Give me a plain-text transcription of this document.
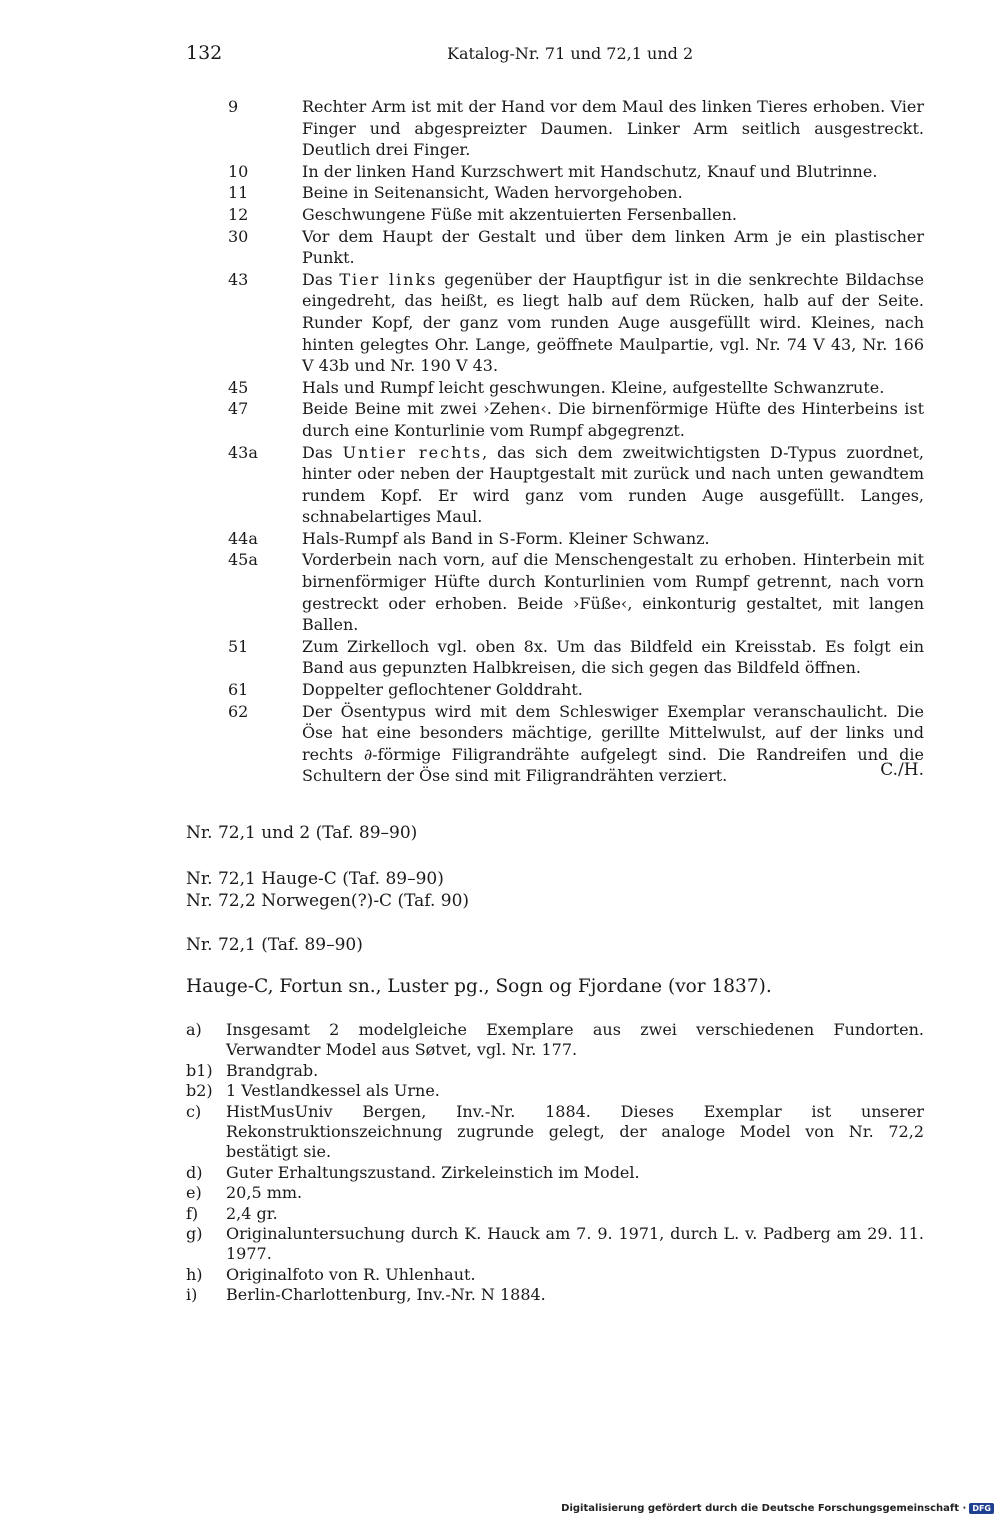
132	Katalog-Nr. 71 und 72,1 und 2
9	Rechter Arm ist mit der Hand vor dem Maul des linken Tieres erhoben. Vier Finger und abgespreizter Daumen. Linker Arm seitlich ausgestreckt. Deutlich drei Finger.
10	In der linken Hand Kurzschwert mit Handschutz, Knauf und Blutrinne.
11	Beine in Seitenansicht, Waden hervorgehoben.
12	Geschwungene Füße mit akzentuierten Fersenballen.
30	Vor dem Haupt der Gestalt und über dem linken Arm je ein plastischer Punkt.
43	Das Tier links gegenüber der Hauptfigur ist in die senkrechte Bildachse eingedreht, das heißt, es liegt halb auf dem Rücken, halb auf der Seite. Runder Kopf, der ganz vom runden Auge ausgefüllt wird. Kleines, nach hinten gelegtes Ohr. Lange, geöffnete Maulpartie, vgl. Nr. 74 V 43, Nr. 166 V 43b und Nr. 190 V 43.
45	Hals und Rumpf leicht geschwungen. Kleine, aufgestellte Schwanzrute.
47	Beide Beine mit zwei ›Zehen‹. Die birnenförmige Hüfte des Hinterbeins ist durch eine Konturlinie vom Rumpf abgegrenzt.
43a	Das Untier rechts, das sich dem zweitwichtigsten D-Typus zuordnet, hinter oder neben der Hauptgestalt mit zurück und nach unten gewandtem rundem Kopf. Er wird ganz vom runden Auge ausgefüllt. Langes, schnabelartiges Maul.
44a	Hals-Rumpf als Band in S-Form. Kleiner Schwanz.
45a	Vorderbein nach vorn, auf die Menschengestalt zu erhoben. Hinterbein mit birnenförmiger Hüfte durch Konturlinien vom Rumpf getrennt, nach vorn gestreckt oder erhoben. Beide ›Füße‹, einkonturig gestaltet, mit langen Ballen.
51	Zum Zirkelloch vgl. oben 8x. Um das Bildfeld ein Kreisstab. Es folgt ein Band aus gepunzten Halbkreisen, die sich gegen das Bildfeld öffnen.
61	Doppelter geflochtener Golddraht.
62	Der Ösentypus wird mit dem Schleswiger Exemplar veranschaulicht. Die Öse hat eine besonders mächtige, gerillte Mittelwulst, auf der links und rechts ∂-förmige Filigrandrähte aufgelegt sind. Die Randreifen und die Schultern der Öse sind mit Filigrandrähten verziert.	C./H.
Nr. 72,1 und 2 (Taf. 89–90)
Nr. 72,1 Hauge-C (Taf. 89–90)
Nr. 72,2 Norwegen(?)-C (Taf. 90)
Nr. 72,1 (Taf. 89–90)
Hauge-C, Fortun sn., Luster pg., Sogn og Fjordane (vor 1837).
a)	Insgesamt 2 modelgleiche Exemplare aus zwei verschiedenen Fundorten. Verwandter Model aus Søtvet, vgl. Nr. 177.
b1) Brandgrab.
b2) 1 Vestlandkessel als Urne.
c)	HistMusUniv Bergen, Inv.-Nr. 1884. Dieses Exemplar ist unserer Rekonstruktionszeichnung zugrunde gelegt, der analoge Model von Nr. 72,2 bestätigt sie.
d)	Guter Erhaltungszustand. Zirkeleinstich im Model.
e)	20,5 mm.
f)	2,4 gr.
g)	Originaluntersuchung durch K. Hauck am 7. 9. 1971, durch L. v. Padberg am 29. 11. 1977.
h)	Originalfoto von R. Uhlenhaut.
i)	Berlin-Charlottenburg, Inv.-Nr. N 1884.
Digitalisierung gefördert durch die Deutsche Forschungsgemeinschaft · DFG
